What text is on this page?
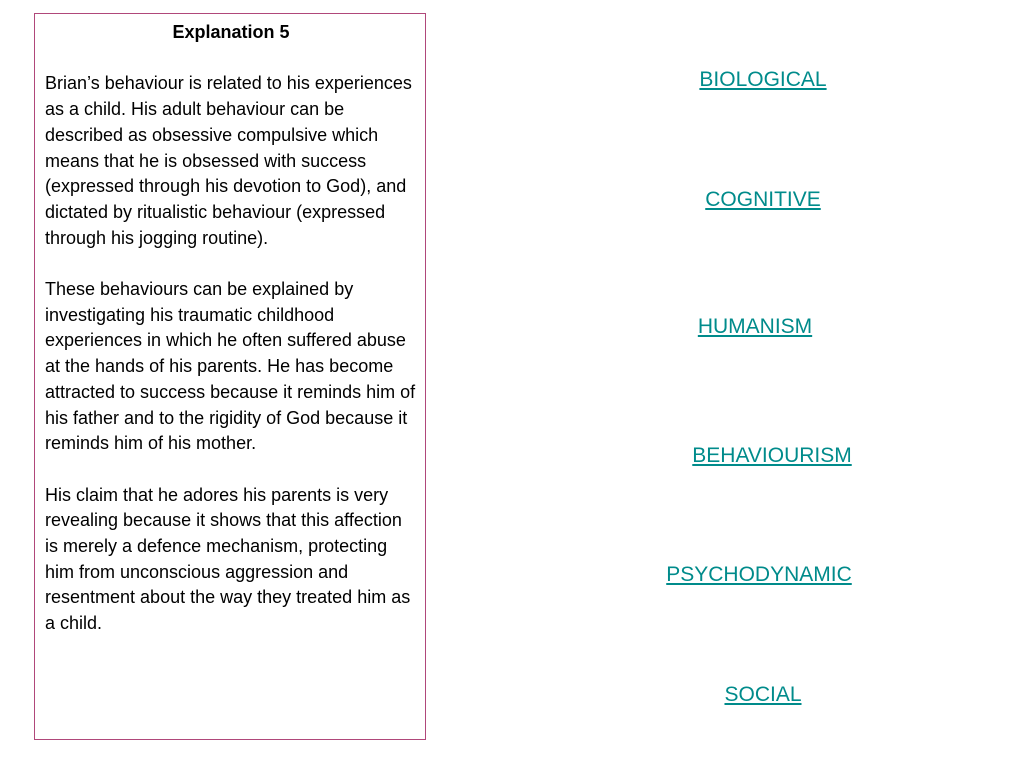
Explanation 5
Brian’s behaviour is related to his experiences as a child. His adult behaviour can be described as obsessive compulsive which means that he is obsessed with success (expressed through his devotion to God), and dictated by ritualistic behaviour (expressed through his jogging routine).
These behaviours can be explained by investigating his traumatic childhood experiences in which he often suffered abuse at the hands of his parents. He has become attracted to success because it reminds him of his father and to the rigidity of God because it reminds him of his mother.
His claim that he adores his parents is very revealing because it shows that this affection is merely a defence mechanism, protecting him from unconscious aggression and resentment about the way they treated him as a child.
BIOLOGICAL
COGNITIVE
HUMANISM
BEHAVIOURISM
PSYCHODYNAMIC
SOCIAL
